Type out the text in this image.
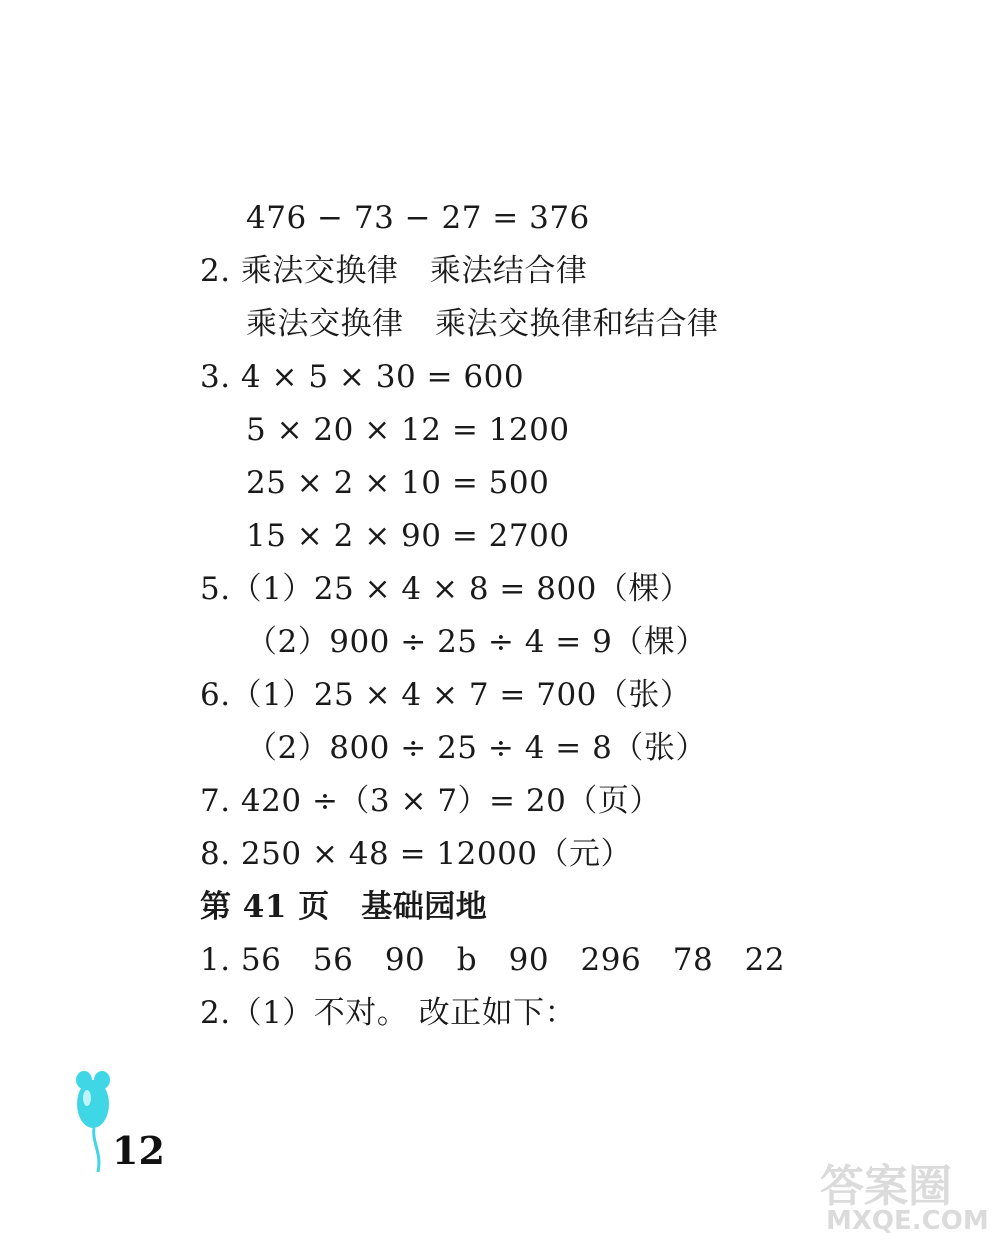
476 − 73 − 27 = 376
2. 乘法交换律　乘法结合律
乘法交换律　乘法交换律和结合律
3. 4 × 5 × 30 = 600
5 × 20 × 12 = 1200
25 × 2 × 10 = 500
15 × 2 × 90 = 2700
5.（1）25 × 4 × 8 = 800（棵）
（2）900 ÷ 25 ÷ 4 = 9（棵）
6.（1）25 × 4 × 7 = 700（张）
（2）800 ÷ 25 ÷ 4 = 8（张）
7. 420 ÷（3 × 7）= 20（页）
8. 250 × 48 = 12000（元）
第 41 页　基础园地
1. 56　56　90　b　90　296　78　22
2.（1）不对。 改正如下：
12
答案圈
MXQE.COM
